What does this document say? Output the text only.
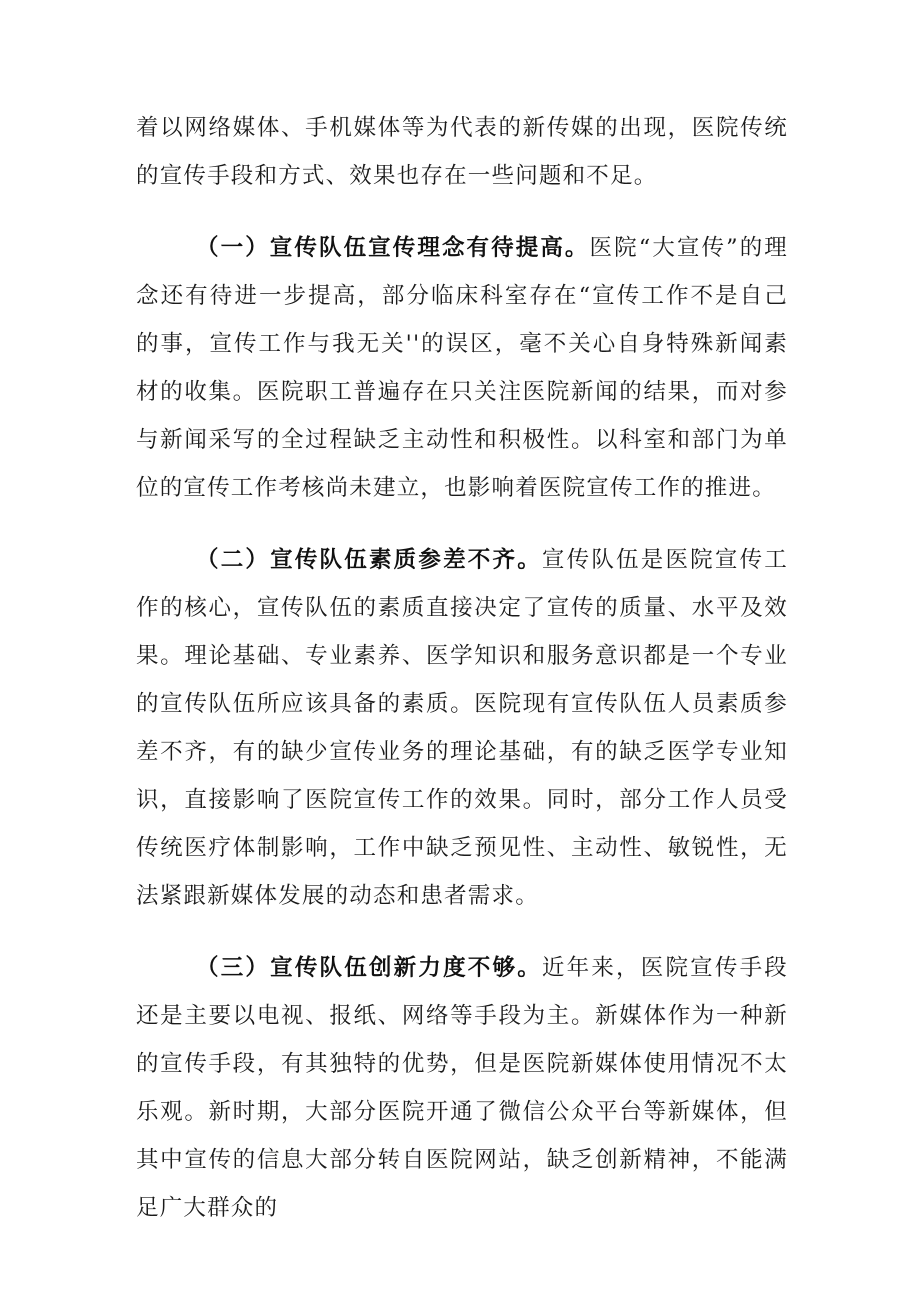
着以网络媒体、手机媒体等为代表的新传媒的出现，医院传统的宣传手段和方式、效果也存在一些问题和不足。

（一）宣传队伍宣传理念有待提高。医院“大宣传”的理念还有待进一步提高，部分临床科室存在“宣传工作不是自己的事，宣传工作与我无关''的误区，毫不关心自身特殊新闻素材的收集。医院职工普遍存在只关注医院新闻的结果，而对参与新闻采写的全过程缺乏主动性和积极性。以科室和部门为单位的宣传工作考核尚未建立，也影响着医院宣传工作的推进。

（二）宣传队伍素质参差不齐。宣传队伍是医院宣传工作的核心，宣传队伍的素质直接决定了宣传的质量、水平及效果。理论基础、专业素养、医学知识和服务意识都是一个专业的宣传队伍所应该具备的素质。医院现有宣传队伍人员素质参差不齐，有的缺少宣传业务的理论基础，有的缺乏医学专业知识，直接影响了医院宣传工作的效果。同时，部分工作人员受传统医疗体制影响，工作中缺乏预见性、主动性、敏锐性，无法紧跟新媒体发展的动态和患者需求。

（三）宣传队伍创新力度不够。近年来，医院宣传手段还是主要以电视、报纸、网络等手段为主。新媒体作为一种新的宣传手段，有其独特的优势，但是医院新媒体使用情况不太乐观。新时期，大部分医院开通了微信公众平台等新媒体，但其中宣传的信息大部分转自医院网站，缺乏创新精神，不能满足广大群众的
